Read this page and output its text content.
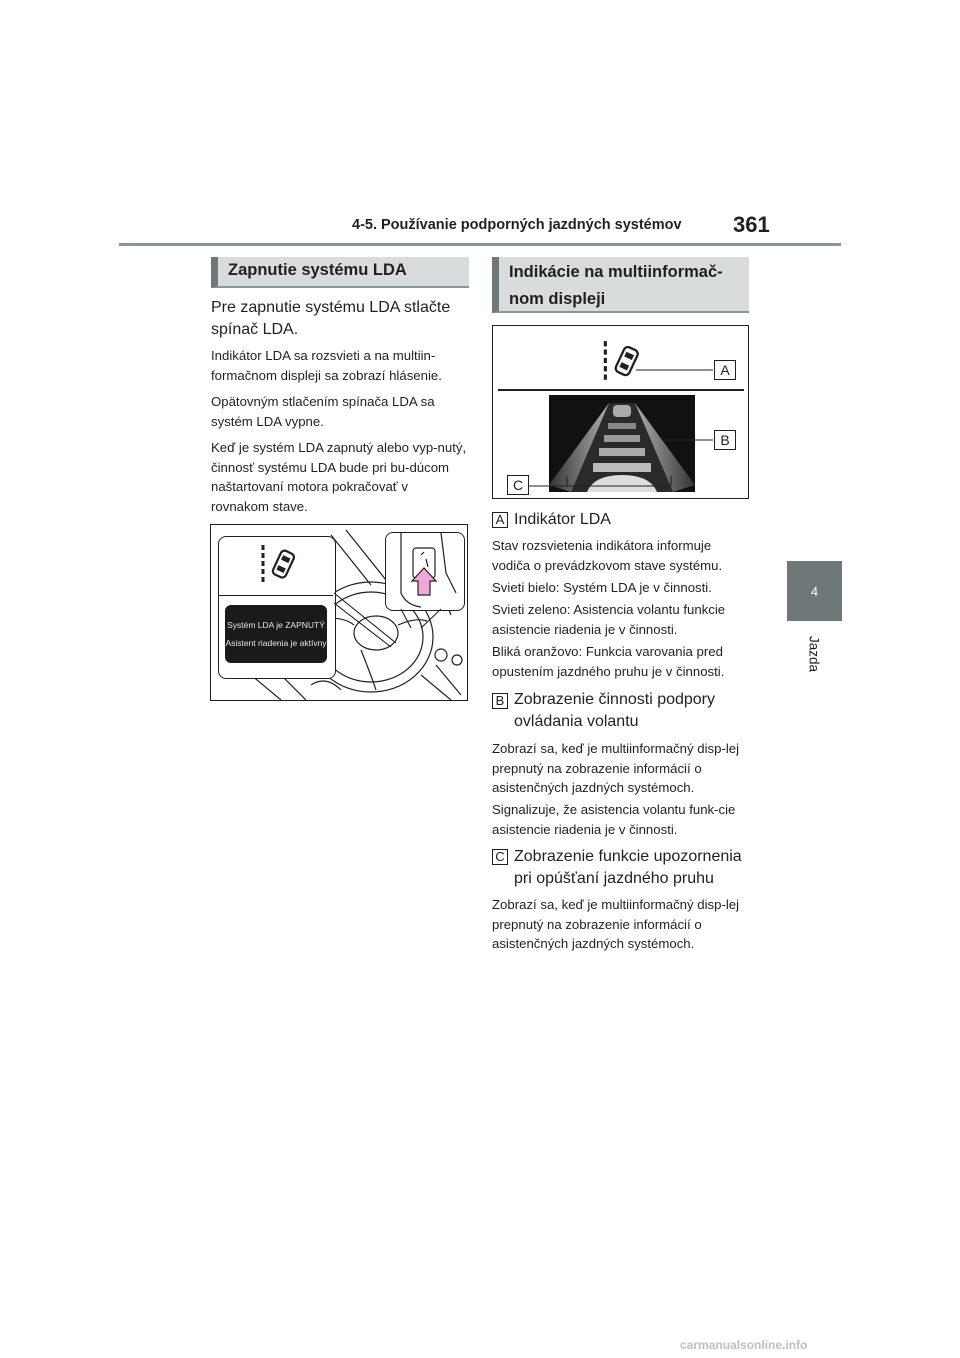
4-5. Používanie podporných jazdných systémov 361
4
Jazda
Zapnutie systému LDA
Pre zapnutie systému LDA stlačte spínač LDA.
Indikátor LDA sa rozsvieti a na multiin-formačnom displeji sa zobrazí hlásenie.
Opätovným stlačením spínača LDA sa systém LDA vypne.
Keď je systém LDA zapnutý alebo vyp-nutý, činnosť systému LDA bude pri bu-dúcom naštartovaní motora pokračovať v rovnakom stave.
Systém LDA je ZAPNUTÝ
Asistent riadenia je aktívny
Indikácie na multiinformač-
nom displeji
A
B
C
A Indikátor LDA
Stav rozsvietenia indikátora informuje vodiča o prevádzkovom stave systému.
Svieti bielo: Systém LDA je v činnosti.
Svieti zeleno: Asistencia volantu funkcie asistencie riadenia je v činnosti.
Bliká oranžovo: Funkcia varovania pred opustením jazdného pruhu je v činnosti.
B Zobrazenie činnosti podpory
ovládania volantu
Zobrazí sa, keď je multiinformačný disp-lej prepnutý na zobrazenie informácií o asistenčných jazdných systémoch.
Signalizuje, že asistencia volantu funk-cie asistencie riadenia je v činnosti.
C Zobrazenie funkcie upozornenia
pri opúšťaní jazdného pruhu
Zobrazí sa, keď je multiinformačný disp-lej prepnutý na zobrazenie informácií o asistenčných jazdných systémoch.
carmanualsonline.info
